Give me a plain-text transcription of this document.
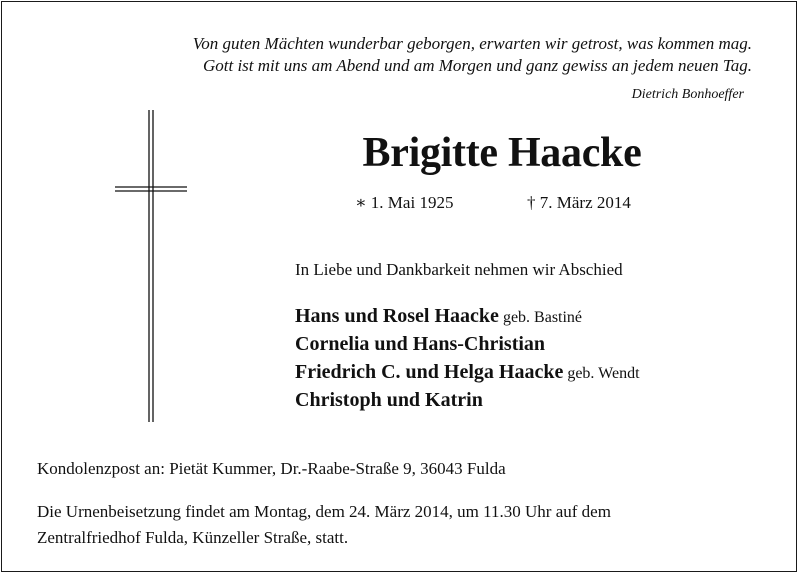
Von guten Mächten wunderbar geborgen, erwarten wir getrost, was kommen mag.
Gott ist mit uns am Abend und am Morgen und ganz gewiss an jedem neuen Tag.
Dietrich Bonhoeffer
Brigitte Haacke
∗ 1. Mai 1925	† 7. März 2014
In Liebe und Dankbarkeit nehmen wir Abschied
Hans und Rosel Haacke geb. Bastiné
Cornelia und Hans-Christian
Friedrich C. und Helga Haacke geb. Wendt
Christoph und Katrin
Kondolenzpost an: Pietät Kummer, Dr.-Raabe-Straße 9, 36043 Fulda
Die Urnenbeisetzung findet am Montag, dem 24. März 2014, um 11.30 Uhr auf dem
Zentralfriedhof Fulda, Künzeller Straße, statt.
